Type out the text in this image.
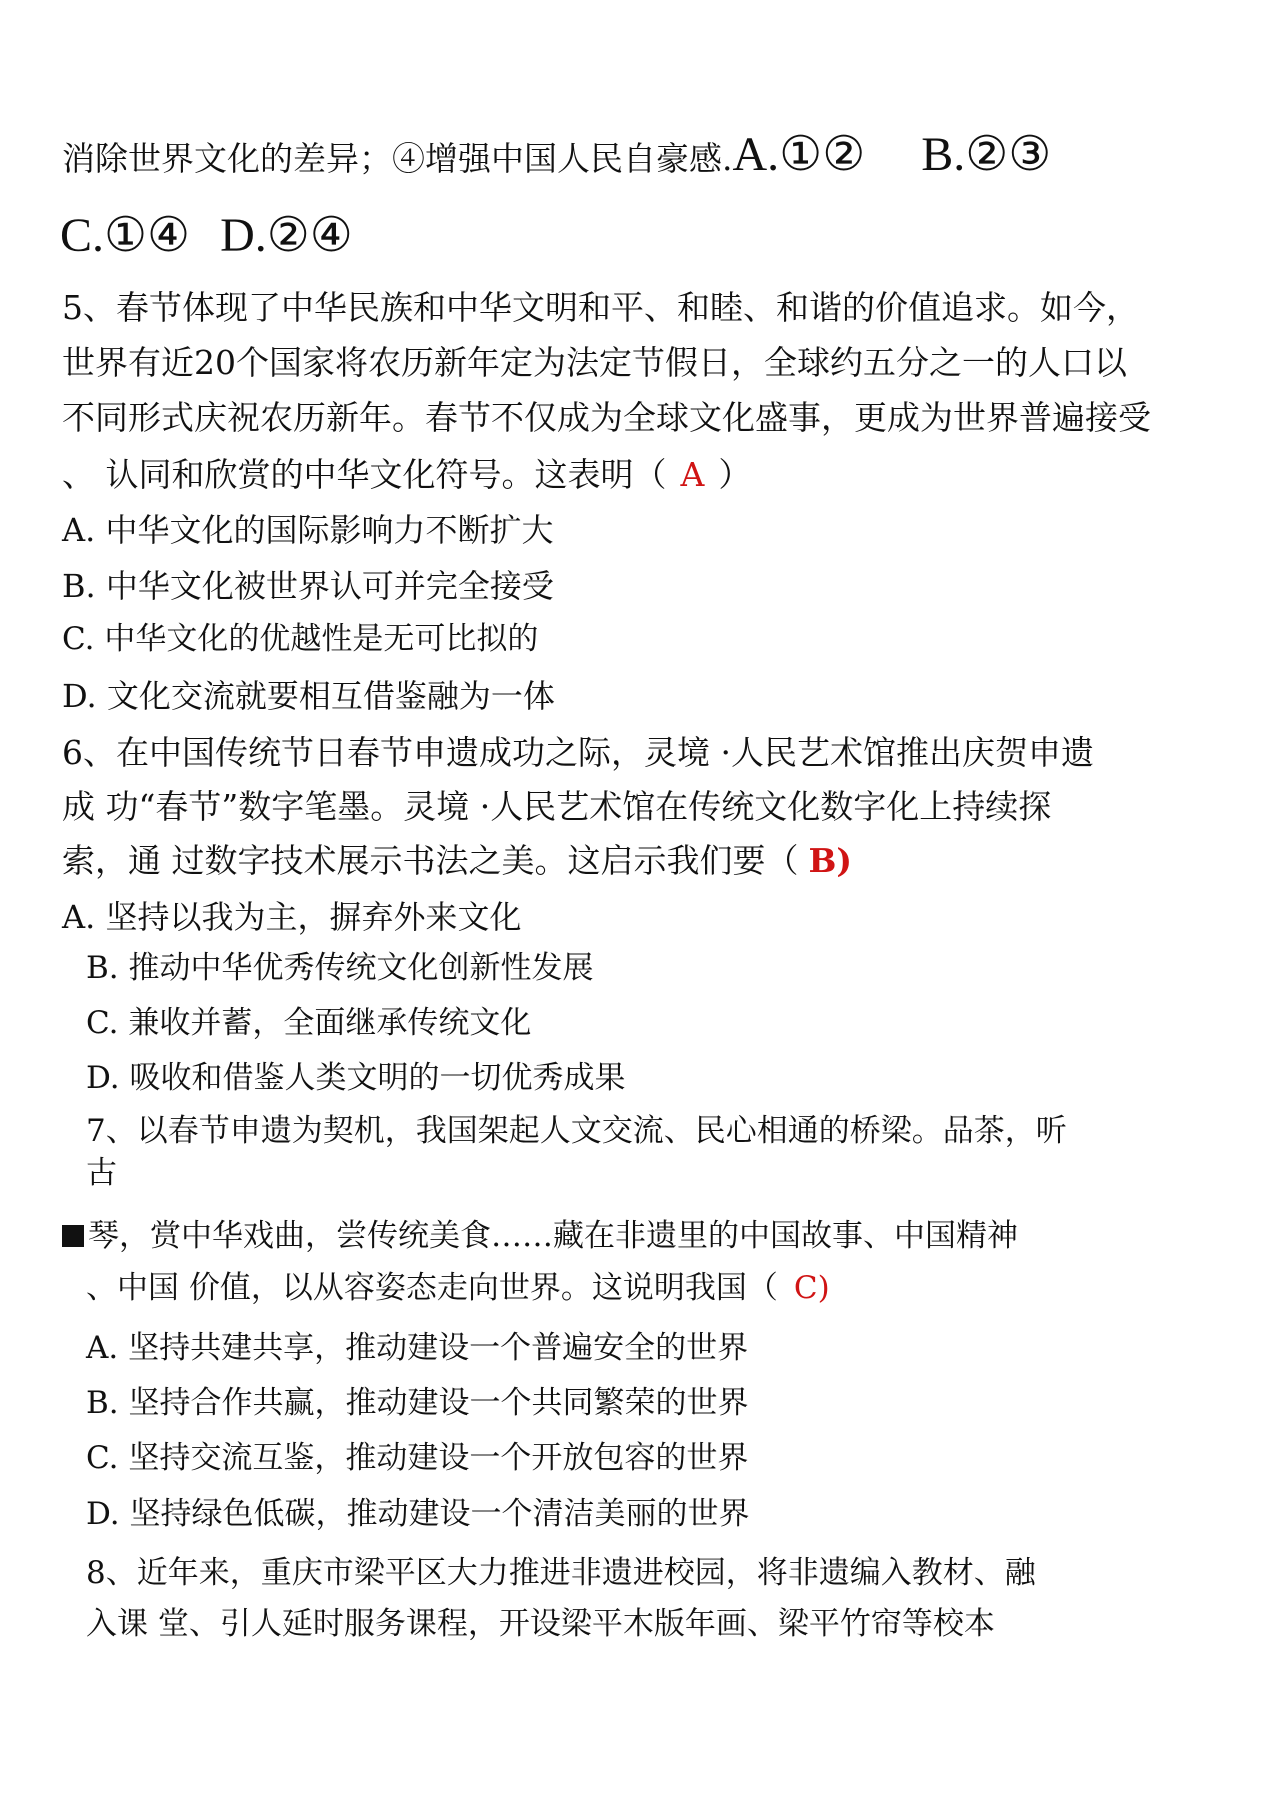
消除世界文化的差异；④增强中国人民自豪感.A.①② B.②③
C.①④ D.②④
5、春节体现了中华民族和中华文明和平、和睦、和谐的价值追求。如今，
世界有近20个国家将农历新年定为法定节假日，全球约五分之一的人口以
不同形式庆祝农历新年。春节不仅成为全球文化盛事，更成为世界普遍接受
、 认同和欣赏的中华文化符号。这表明（ A ）
A. 中华文化的国际影响力不断扩大
B. 中华文化被世界认可并完全接受
C. 中华文化的优越性是无可比拟的
D. 文化交流就要相互借鉴融为一体
6、在中国传统节日春节申遗成功之际，灵境 ·人民艺术馆推出庆贺申遗
成 功“春节”数字笔墨。灵境 ·人民艺术馆在传统文化数字化上持续探
索，通 过数字技术展示书法之美。这启示我们要（ B)
A. 坚持以我为主，摒弃外来文化
B. 推动中华优秀传统文化创新性发展
C. 兼收并蓄，全面继承传统文化
D. 吸收和借鉴人类文明的一切优秀成果
7、以春节申遗为契机，我国架起人文交流、民心相通的桥梁。品茶，听
古
琴，赏中华戏曲，尝传统美食……藏在非遗里的中国故事、中国精神
、中国 价值，以从容姿态走向世界。这说明我国（ C)
A. 坚持共建共享，推动建设一个普遍安全的世界
B. 坚持合作共赢，推动建设一个共同繁荣的世界
C. 坚持交流互鉴，推动建设一个开放包容的世界
D. 坚持绿色低碳，推动建设一个清洁美丽的世界
8、近年来，重庆市梁平区大力推进非遗进校园，将非遗编入教材、融
入课 堂、引人延时服务课程，开设梁平木版年画、梁平竹帘等校本
